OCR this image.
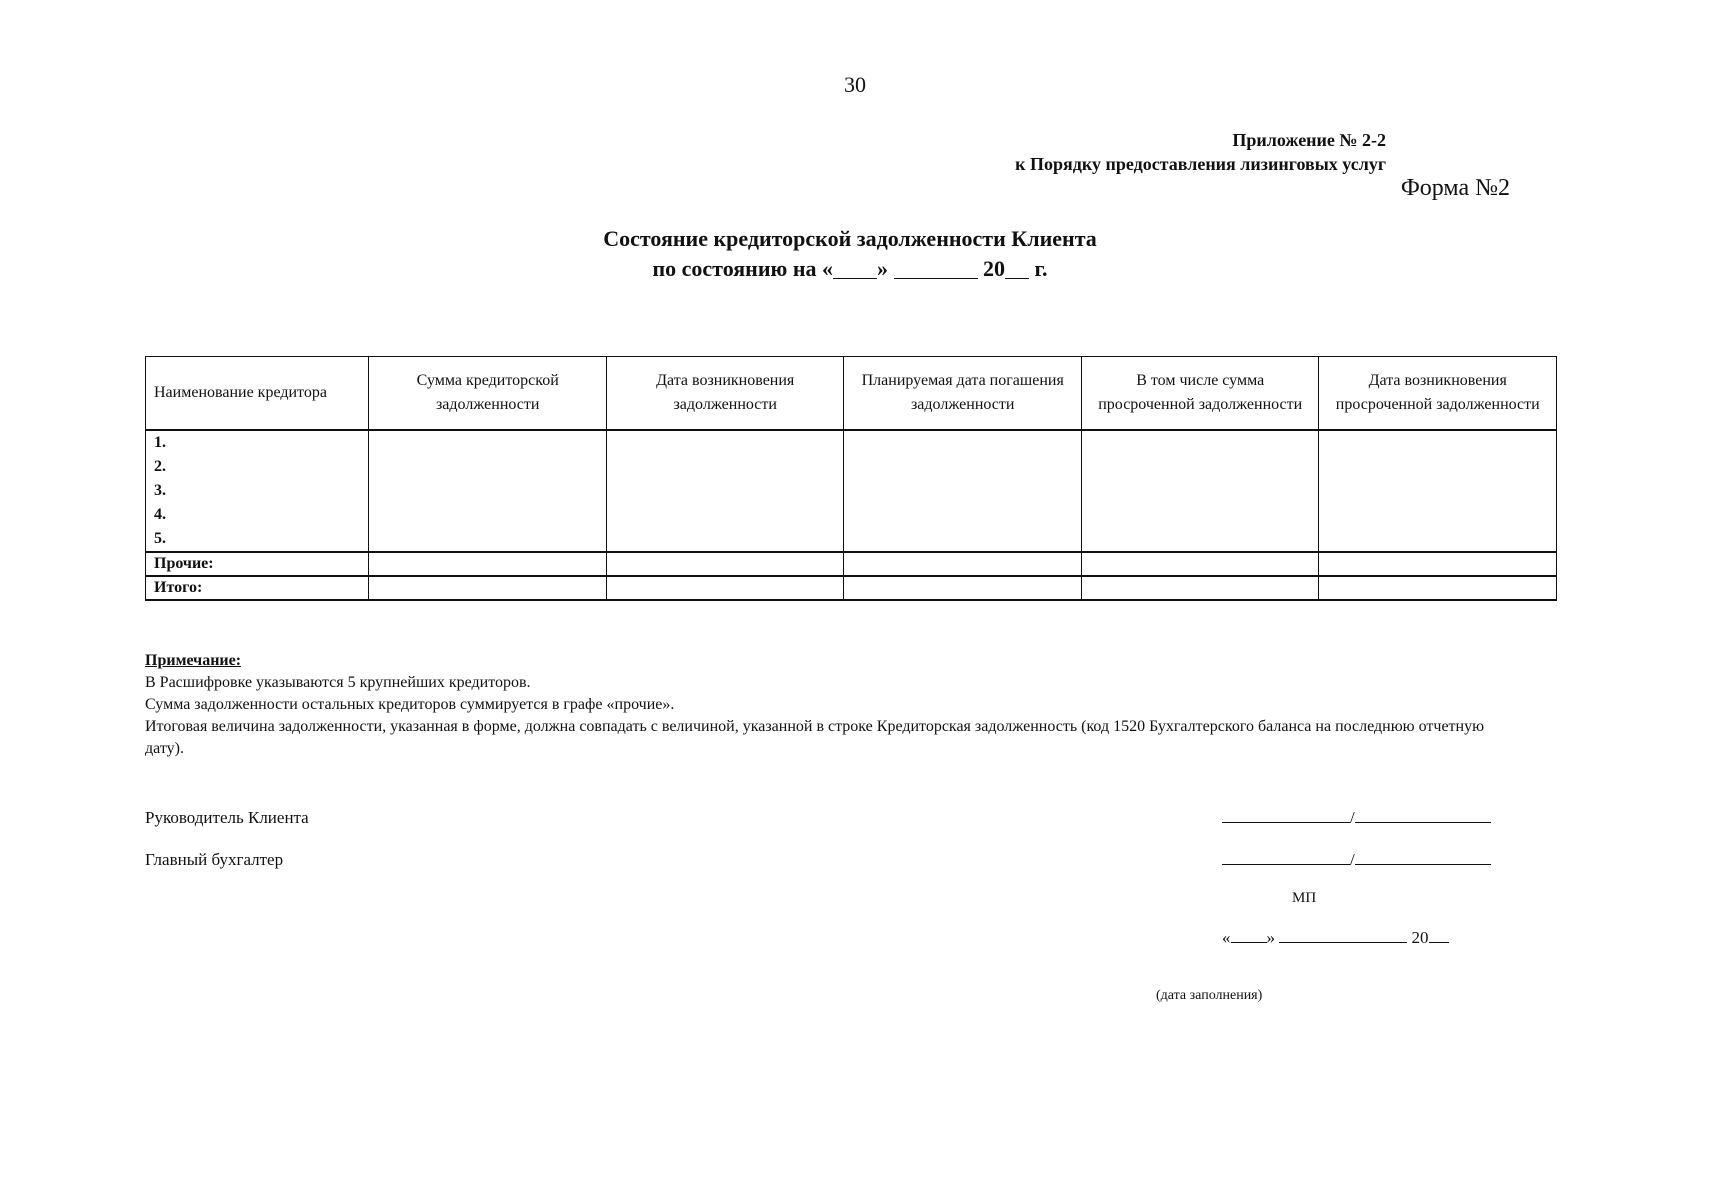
30
Приложение № 2-2
к Порядку предоставления лизинговых услуг
Форма №2
Состояние кредиторской задолженности Клиента
по состоянию на « »	20 г.
Наименование кредитора	Сумма кредиторской задолженности	Дата возникновения задолженности	Планируемая дата погашения задолженности	В том числе сумма просроченной задолженности	Дата возникновения просроченной задолженности

1.
2.
3.
4.
5.					

Прочие:					
Итого:					
Примечание:
В Расшифровке указываются 5 крупнейших кредиторов.
Сумма задолженности остальных кредиторов суммируется в графе «прочие».
Итоговая величина задолженности, указанная в форме, должна совпадать с величиной, указанной в строке Кредиторская задолженность (код 1520 Бухгалтерского баланса на последнюю отчетную дату).
Руководитель Клиента	/
Главный бухгалтер	/
МП
« »	20
(дата заполнения)
